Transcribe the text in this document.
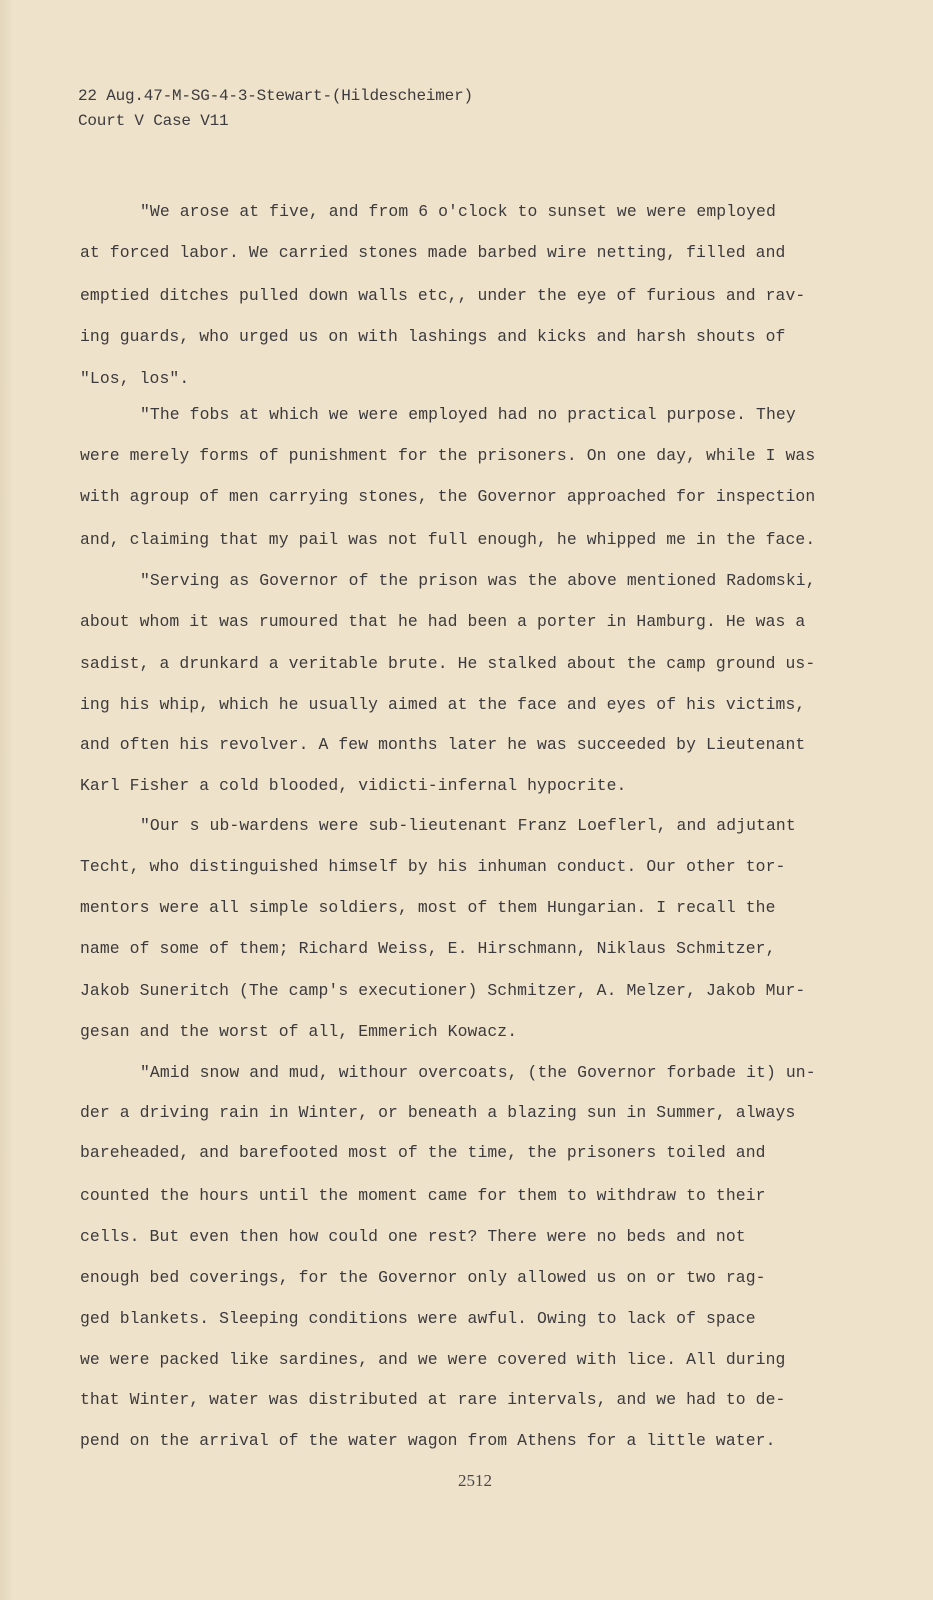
22 Aug.47-M-SG-4-3-Stewart-(Hildescheimer)
Court V Case V11
"We arose at five, and from 6 o'clock to sunset we were employed
at forced labor. We carried stones made barbed wire netting, filled and
emptied ditches pulled down walls etc,, under the eye of furious and rav-
ing guards, who urged us on with lashings and kicks and harsh shouts of
"Los, los".
"The fobs at which we were employed had no practical purpose. They
were merely forms of punishment for the prisoners. On one day, while I was
with agroup of men carrying stones, the Governor approached for inspection
and, claiming that my pail was not full enough, he whipped me in the face.
"Serving as Governor of the prison was the above mentioned Radomski,
about whom it was rumoured that he had been a porter in Hamburg. He was a
sadist, a drunkard a veritable brute. He stalked about the camp ground us-
ing his whip, which he usually aimed at the face and eyes of his victims,
and often his revolver. A few months later he was succeeded by Lieutenant
Karl Fisher a cold blooded, vidicti-infernal hypocrite.
"Our s ub-wardens were sub-lieutenant Franz Loeflerl, and adjutant
Techt, who distinguished himself by his inhuman conduct. Our other tor-
mentors were all simple soldiers, most of them Hungarian. I recall the
name of some of them; Richard Weiss, E. Hirschmann, Niklaus Schmitzer,
Jakob Suneritch (The camp's executioner) Schmitzer, A. Melzer, Jakob Mur-
gesan and the worst of all, Emmerich Kowacz.
"Amid snow and mud, withour overcoats, (the Governor forbade it) un-
der a driving rain in Winter, or beneath a blazing sun in Summer, always
bareheaded, and barefooted most of the time, the prisoners toiled and
counted the hours until the moment came for them to withdraw to their
cells. But even then how could one rest? There were no beds and not
enough bed coverings, for the Governor only allowed us on or two rag-
ged blankets. Sleeping conditions were awful. Owing to lack of space
we were packed like sardines, and we were covered with lice. All during
that Winter, water was distributed at rare intervals, and we had to de-
pend on the arrival of the water wagon from Athens for a little water.
2512
